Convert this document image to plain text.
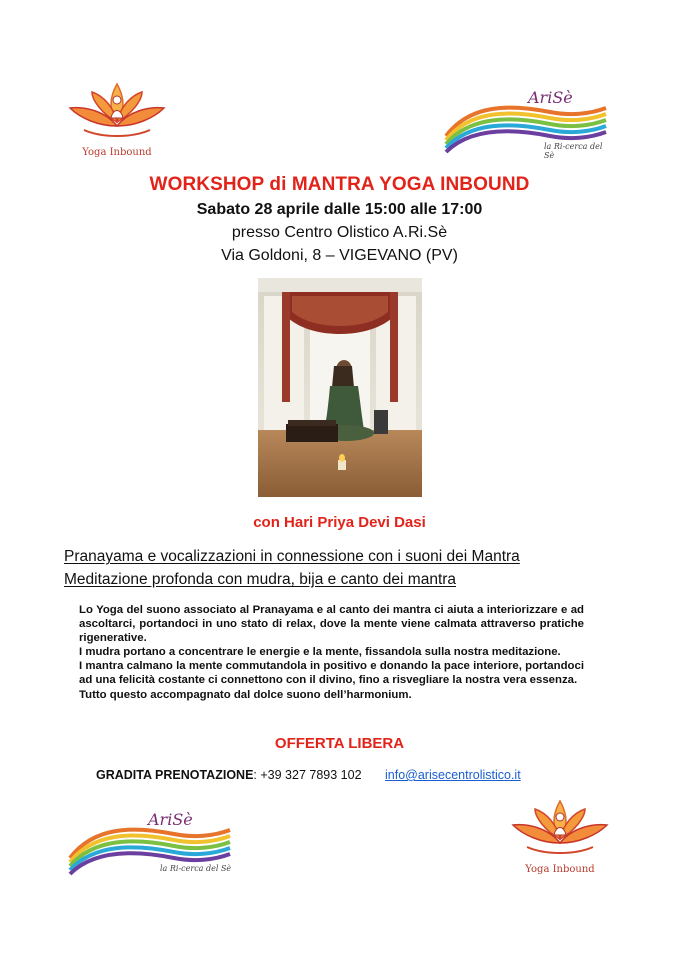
Yoga Inbound
AriSè
la Ri-cerca del Sè
WORKSHOP di MANTRA YOGA INBOUND
Sabato 28 aprile dalle 15:00 alle 17:00
presso Centro Olistico A.Ri.Sè
Via Goldoni, 8 – VIGEVANO (PV)
con Hari Priya Devi Dasi
Pranayama e vocalizzazioni in connessione con i suoni dei Mantra
Meditazione profonda con mudra, bija e canto dei mantra

Lo Yoga del suono associato al Pranayama e al canto dei mantra ci aiuta a interiorizzare e ad ascoltarci, portandoci in uno stato di relax, dove la mente viene calmata attraverso pratiche rigenerative.

I mudra portano a concentrare le energie e la mente, fissandola sulla nostra meditazione.

I mantra calmano la mente commutandola in positivo e donando la pace interiore, portandoci ad una felicità costante ci connettono con il divino, fino a risvegliare la nostra vera essenza.

Tutto questo accompagnato dal dolce suono dell’harmonium.

OFFERTA LIBERA
GRADITA PRENOTAZIONE: +39 327 7893 102 info@arisecentrolistico.it
AriSè
la Ri-cerca del Sè	Yoga Inbound
